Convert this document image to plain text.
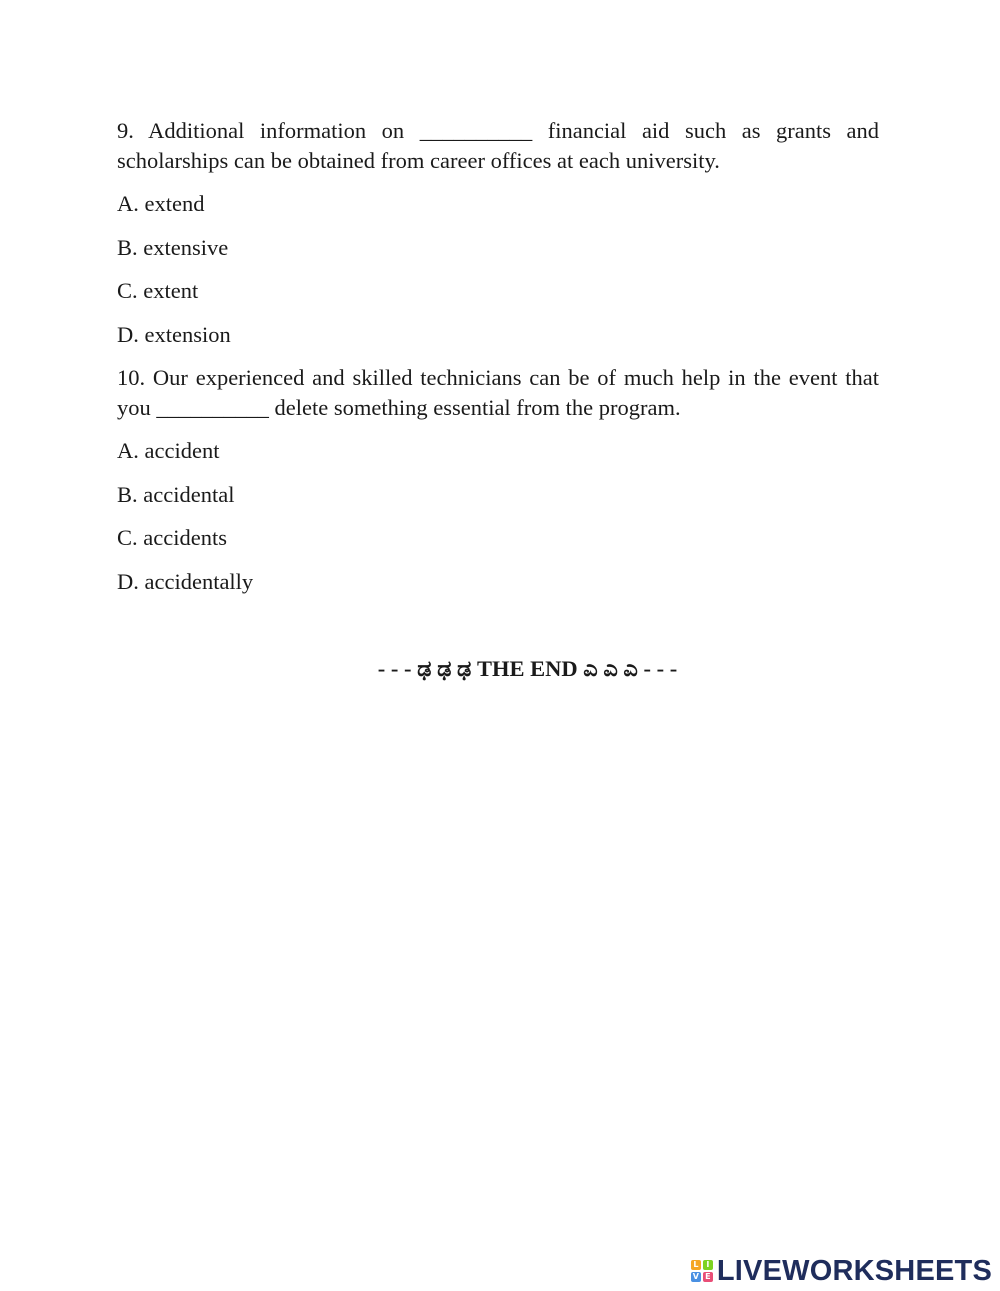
9. Additional information on __________ financial aid such as grants and scholarships can be obtained from career offices at each university.

A. extend

B. extensive

C. extent

D. extension

10. Our experienced and skilled technicians can be of much help in the event that you __________ delete something essential from the program.

A. accident

B. accidental

C. accidents

D. accidentally

- - - ಢ ಢ ಢ THE END ಎ ಎ ಎ - - -
L I
V E LIVEWORKSHEETS
